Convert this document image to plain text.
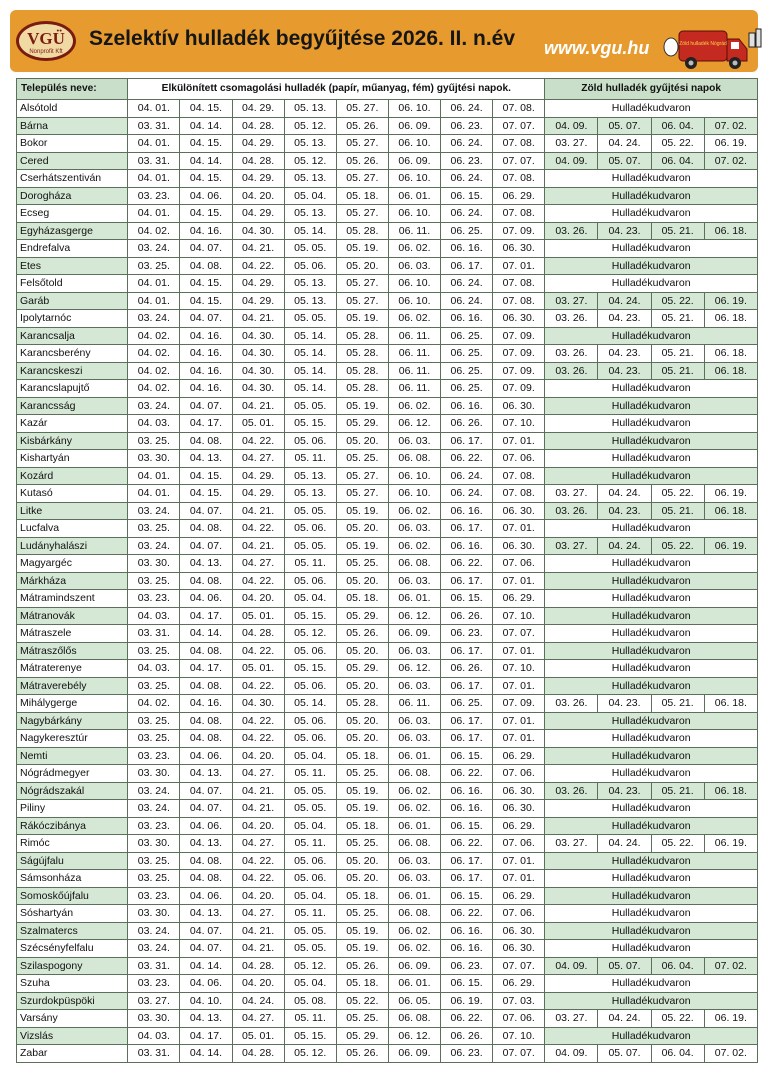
VGÜ
Nonprofit Kft
Szelektív hulladék begyűjtése 2026. II. n.év www.vgu.hu	Zöld hulladék Nógrád
Település neve:	Elkülönített csomagolási hulladék (papír, műanyag, fém) gyűjtési napok.								Zöld hulladék gyűjtési napok			
Alsótold	04. 01.	04. 15.	04. 29.	05. 13.	05. 27.	06. 10.	06. 24.	07. 08.	Hulladékudvaron			
Bárna	03. 31.	04. 14.	04. 28.	05. 12.	05. 26.	06. 09.	06. 23.	07. 07.	04. 09.	05. 07.	06. 04.	07. 02.
Bokor	04. 01.	04. 15.	04. 29.	05. 13.	05. 27.	06. 10.	06. 24.	07. 08.	03. 27.	04. 24.	05. 22.	06. 19.
Cered	03. 31.	04. 14.	04. 28.	05. 12.	05. 26.	06. 09.	06. 23.	07. 07.	04. 09.	05. 07.	06. 04.	07. 02.
Cserhátszentiván	04. 01.	04. 15.	04. 29.	05. 13.	05. 27.	06. 10.	06. 24.	07. 08.	Hulladékudvaron			
Dorogháza	03. 23.	04. 06.	04. 20.	05. 04.	05. 18.	06. 01.	06. 15.	06. 29.	Hulladékudvaron			
Ecseg	04. 01.	04. 15.	04. 29.	05. 13.	05. 27.	06. 10.	06. 24.	07. 08.	Hulladékudvaron			
Egyházasgerge	04. 02.	04. 16.	04. 30.	05. 14.	05. 28.	06. 11.	06. 25.	07. 09.	03. 26.	04. 23.	05. 21.	06. 18.
Endrefalva	03. 24.	04. 07.	04. 21.	05. 05.	05. 19.	06. 02.	06. 16.	06. 30.	Hulladékudvaron			
Etes	03. 25.	04. 08.	04. 22.	05. 06.	05. 20.	06. 03.	06. 17.	07. 01.	Hulladékudvaron			
Felsőtold	04. 01.	04. 15.	04. 29.	05. 13.	05. 27.	06. 10.	06. 24.	07. 08.	Hulladékudvaron			
Garáb	04. 01.	04. 15.	04. 29.	05. 13.	05. 27.	06. 10.	06. 24.	07. 08.	03. 27.	04. 24.	05. 22.	06. 19.
Ipolytarnóc	03. 24.	04. 07.	04. 21.	05. 05.	05. 19.	06. 02.	06. 16.	06. 30.	03. 26.	04. 23.	05. 21.	06. 18.
Karancsalja	04. 02.	04. 16.	04. 30.	05. 14.	05. 28.	06. 11.	06. 25.	07. 09.	Hulladékudvaron			
Karancsberény	04. 02.	04. 16.	04. 30.	05. 14.	05. 28.	06. 11.	06. 25.	07. 09.	03. 26.	04. 23.	05. 21.	06. 18.
Karancskeszi	04. 02.	04. 16.	04. 30.	05. 14.	05. 28.	06. 11.	06. 25.	07. 09.	03. 26.	04. 23.	05. 21.	06. 18.
Karancslapujtő	04. 02.	04. 16.	04. 30.	05. 14.	05. 28.	06. 11.	06. 25.	07. 09.	Hulladékudvaron			
Karancsság	03. 24.	04. 07.	04. 21.	05. 05.	05. 19.	06. 02.	06. 16.	06. 30.	Hulladékudvaron			
Kazár	04. 03.	04. 17.	05. 01.	05. 15.	05. 29.	06. 12.	06. 26.	07. 10.	Hulladékudvaron			
Kisbárkány	03. 25.	04. 08.	04. 22.	05. 06.	05. 20.	06. 03.	06. 17.	07. 01.	Hulladékudvaron			
Kishartyán	03. 30.	04. 13.	04. 27.	05. 11.	05. 25.	06. 08.	06. 22.	07. 06.	Hulladékudvaron			
Kozárd	04. 01.	04. 15.	04. 29.	05. 13.	05. 27.	06. 10.	06. 24.	07. 08.	Hulladékudvaron			
Kutasó	04. 01.	04. 15.	04. 29.	05. 13.	05. 27.	06. 10.	06. 24.	07. 08.	03. 27.	04. 24.	05. 22.	06. 19.
Litke	03. 24.	04. 07.	04. 21.	05. 05.	05. 19.	06. 02.	06. 16.	06. 30.	03. 26.	04. 23.	05. 21.	06. 18.
Lucfalva	03. 25.	04. 08.	04. 22.	05. 06.	05. 20.	06. 03.	06. 17.	07. 01.	Hulladékudvaron			
Ludányhalászi	03. 24.	04. 07.	04. 21.	05. 05.	05. 19.	06. 02.	06. 16.	06. 30.	03. 27.	04. 24.	05. 22.	06. 19.
Magyargéc	03. 30.	04. 13.	04. 27.	05. 11.	05. 25.	06. 08.	06. 22.	07. 06.	Hulladékudvaron			
Márkháza	03. 25.	04. 08.	04. 22.	05. 06.	05. 20.	06. 03.	06. 17.	07. 01.	Hulladékudvaron			
Mátramindszent	03. 23.	04. 06.	04. 20.	05. 04.	05. 18.	06. 01.	06. 15.	06. 29.	Hulladékudvaron			
Mátranovák	04. 03.	04. 17.	05. 01.	05. 15.	05. 29.	06. 12.	06. 26.	07. 10.	Hulladékudvaron			
Mátraszele	03. 31.	04. 14.	04. 28.	05. 12.	05. 26.	06. 09.	06. 23.	07. 07.	Hulladékudvaron			
Mátraszőlős	03. 25.	04. 08.	04. 22.	05. 06.	05. 20.	06. 03.	06. 17.	07. 01.	Hulladékudvaron			
Mátraterenye	04. 03.	04. 17.	05. 01.	05. 15.	05. 29.	06. 12.	06. 26.	07. 10.	Hulladékudvaron			
Mátraverebély	03. 25.	04. 08.	04. 22.	05. 06.	05. 20.	06. 03.	06. 17.	07. 01.	Hulladékudvaron			
Mihálygerge	04. 02.	04. 16.	04. 30.	05. 14.	05. 28.	06. 11.	06. 25.	07. 09.	03. 26.	04. 23.	05. 21.	06. 18.
Nagybárkány	03. 25.	04. 08.	04. 22.	05. 06.	05. 20.	06. 03.	06. 17.	07. 01.	Hulladékudvaron			
Nagykeresztúr	03. 25.	04. 08.	04. 22.	05. 06.	05. 20.	06. 03.	06. 17.	07. 01.	Hulladékudvaron			
Nemti	03. 23.	04. 06.	04. 20.	05. 04.	05. 18.	06. 01.	06. 15.	06. 29.	Hulladékudvaron			
Nógrádmegyer	03. 30.	04. 13.	04. 27.	05. 11.	05. 25.	06. 08.	06. 22.	07. 06.	Hulladékudvaron			
Nógrádszakál	03. 24.	04. 07.	04. 21.	05. 05.	05. 19.	06. 02.	06. 16.	06. 30.	03. 26.	04. 23.	05. 21.	06. 18.
Piliny	03. 24.	04. 07.	04. 21.	05. 05.	05. 19.	06. 02.	06. 16.	06. 30.	Hulladékudvaron			
Rákóczibánya	03. 23.	04. 06.	04. 20.	05. 04.	05. 18.	06. 01.	06. 15.	06. 29.	Hulladékudvaron			
Rimóc	03. 30.	04. 13.	04. 27.	05. 11.	05. 25.	06. 08.	06. 22.	07. 06.	03. 27.	04. 24.	05. 22.	06. 19.
Ságújfalu	03. 25.	04. 08.	04. 22.	05. 06.	05. 20.	06. 03.	06. 17.	07. 01.	Hulladékudvaron			
Sámsonháza	03. 25.	04. 08.	04. 22.	05. 06.	05. 20.	06. 03.	06. 17.	07. 01.	Hulladékudvaron			
Somoskőújfalu	03. 23.	04. 06.	04. 20.	05. 04.	05. 18.	06. 01.	06. 15.	06. 29.	Hulladékudvaron			
Sóshartyán	03. 30.	04. 13.	04. 27.	05. 11.	05. 25.	06. 08.	06. 22.	07. 06.	Hulladékudvaron			
Szalmatercs	03. 24.	04. 07.	04. 21.	05. 05.	05. 19.	06. 02.	06. 16.	06. 30.	Hulladékudvaron			
Szécsényfelfalu	03. 24.	04. 07.	04. 21.	05. 05.	05. 19.	06. 02.	06. 16.	06. 30.	Hulladékudvaron			
Szilaspogony	03. 31.	04. 14.	04. 28.	05. 12.	05. 26.	06. 09.	06. 23.	07. 07.	04. 09.	05. 07.	06. 04.	07. 02.
Szuha	03. 23.	04. 06.	04. 20.	05. 04.	05. 18.	06. 01.	06. 15.	06. 29.	Hulladékudvaron			
Szurdokpüspöki	03. 27.	04. 10.	04. 24.	05. 08.	05. 22.	06. 05.	06. 19.	07. 03.	Hulladékudvaron			
Varsány	03. 30.	04. 13.	04. 27.	05. 11.	05. 25.	06. 08.	06. 22.	07. 06.	03. 27.	04. 24.	05. 22.	06. 19.
Vizslás	04. 03.	04. 17.	05. 01.	05. 15.	05. 29.	06. 12.	06. 26.	07. 10.	Hulladékudvaron			
Zabar	03. 31.	04. 14.	04. 28.	05. 12.	05. 26.	06. 09.	06. 23.	07. 07.	04. 09.	05. 07.	06. 04.	07. 02.
